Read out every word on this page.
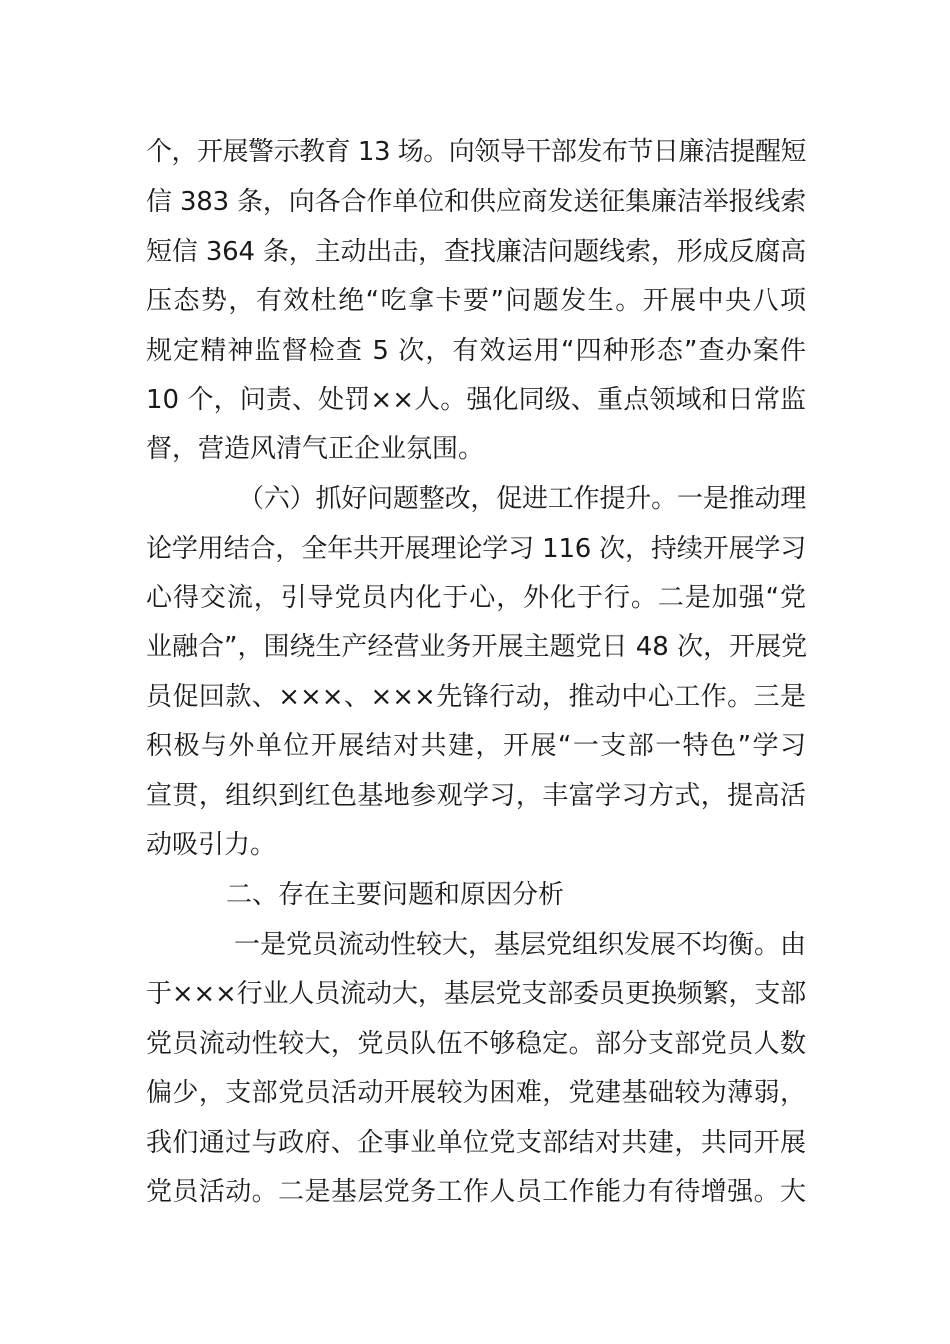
个，开展警示教育 13 场。向领导干部发布节日廉洁提醒短
信 383 条，向各合作单位和供应商发送征集廉洁举报线索
短信 364 条，主动出击，查找廉洁问题线索，形成反腐高
压态势，有效杜绝“吃拿卡要”问题发生。开展中央八项
规定精神监督检查 5 次，有效运用“四种形态”查办案件
10 个，问责、处罚××人。强化同级、重点领域和日常监
督，营造风清气正企业氛围。
（六）抓好问题整改，促进工作提升。一是推动理
论学用结合，全年共开展理论学习 116 次，持续开展学习
心得交流，引导党员内化于心，外化于行。二是加强“党
业融合”，围绕生产经营业务开展主题党日 48 次，开展党
员促回款、×××、×××先锋行动，推动中心工作。三是
积极与外单位开展结对共建，开展“一支部一特色”学习
宣贯，组织到红色基地参观学习，丰富学习方式，提高活
动吸引力。
二、存在主要问题和原因分析
一是党员流动性较大，基层党组织发展不均衡。由
于×××行业人员流动大，基层党支部委员更换频繁，支部
党员流动性较大，党员队伍不够稳定。部分支部党员人数
偏少，支部党员活动开展较为困难，党建基础较为薄弱，
我们通过与政府、企事业单位党支部结对共建，共同开展
党员活动。二是基层党务工作人员工作能力有待增强。大
